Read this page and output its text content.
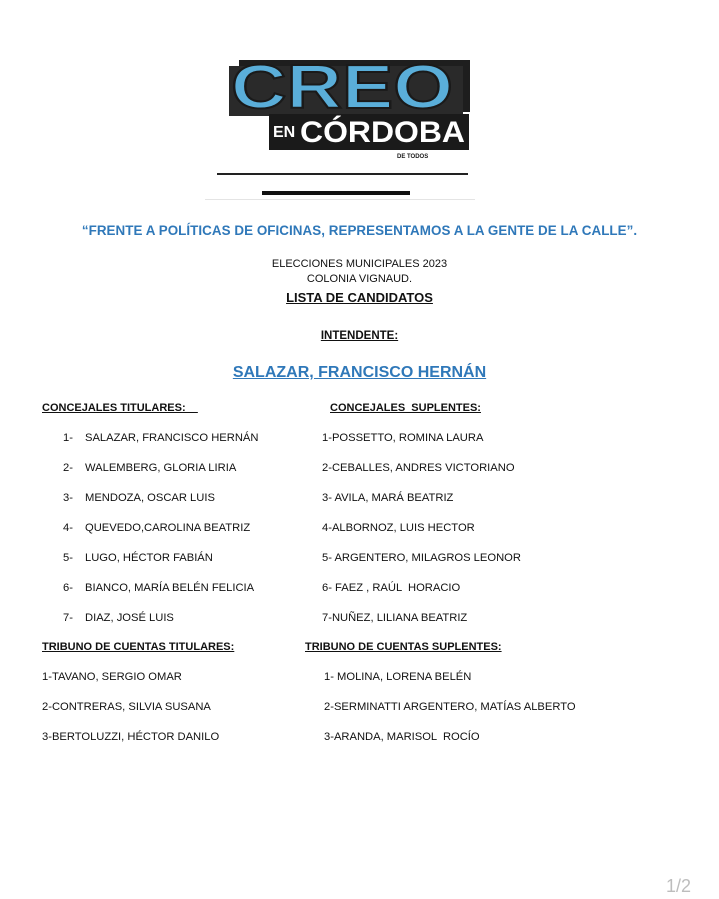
CREO
EN CÓRDOBA
DE TODOS
“FRENTE A POLÍTICAS DE OFICINAS, REPRESENTAMOS A LA GENTE DE LA CALLE”.
ELECCIONES MUNICIPALES 2023
COLONIA VIGNAUD.
LISTA DE CANDIDATOS
INTENDENTE:
SALAZAR, FRANCISCO HERNÁN
CONCEJALES TITULARES:	CONCEJALES  SUPLENTES:
1- SALAZAR, FRANCISCO HERNÁN
2- WALEMBERG, GLORIA LIRIA
3- MENDOZA, OSCAR LUIS
4- QUEVEDO,CAROLINA BEATRIZ
5- LUGO, HÉCTOR FABIÁN
6- BIANCO, MARÍA BELÉN FELICIA
7- DIAZ, JOSÉ LUIS
1-POSSETTO, ROMINA LAURA
2-CEBALLES, ANDRES VICTORIANO
3- AVILA, MARÁ BEATRIZ
4-ALBORNOZ, LUIS HECTOR
5- ARGENTERO, MILAGROS LEONOR
6- FAEZ , RAÚL  HORACIO
7-NUÑEZ, LILIANA BEATRIZ
TRIBUNO DE CUENTAS TITULARES:	TRIBUNO DE CUENTAS SUPLENTES:
1-TAVANO, SERGIO OMAR
2-CONTRERAS, SILVIA SUSANA
3-BERTOLUZZI, HÉCTOR DANILO
1- MOLINA, LORENA BELÉN
2-SERMINATTI ARGENTERO, MATÍAS ALBERTO
3-ARANDA, MARISOL  ROCÍO
1/2
